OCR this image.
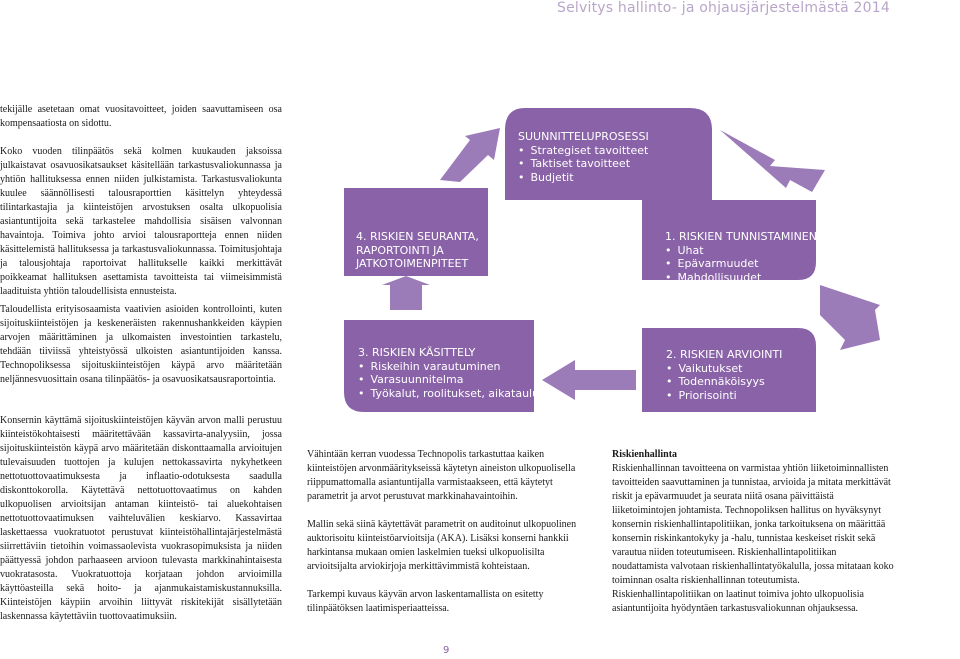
Selvitys hallinto- ja ohjausjärjestelmästä 2014

tekijälle asetetaan omat vuositavoitteet, joiden saavuttamiseen osa kompensaatiosta on sidottu.

Koko vuoden tilinpäätös sekä kolmen kuukauden jaksoissa julkaistavat osavuosikatsaukset käsitellään tarkastusvaliokunnassa ja yhtiön hallituksessa ennen niiden julkistamista. Tarkastusvaliokunta kuulee säännöllisesti talousraporttien käsittelyn yhteydessä tilintarkastajia ja kiinteistöjen arvostuksen osalta ulkopuolisia asiantuntijoita sekä tarkastelee mahdollisia sisäisen valvonnan havaintoja. Toimiva johto arvioi talousraportteja ennen niiden käsittelemistä hallituksessa ja tarkastusvaliokunnassa. Toimitusjohtaja ja talousjohtaja raportoivat hallitukselle kaikki merkittävät poikkeamat hallituksen asettamista tavoitteista tai viimeisimmistä laadituista yhtiön taloudellisista ennusteista.

Taloudellista erityisosaamista vaativien asioiden kontrollointi, kuten sijoituskiinteistöjen ja keskeneräisten rakennushankkeiden käypien arvojen määrittäminen ja ulkomaisten investointien tarkastelu, tehdään tiiviissä yhteistyössä ulkoisten asiantuntijoiden kanssa. Technopoliksessa sijoituskiinteistöjen käypä arvo määritetään neljännesvuosittain osana tilinpäätös- ja osavuosikatsausraportointia.

Konsernin käyttämä sijoituskiinteistöjen käyvän arvon malli perustuu kiinteistökohtaisesti määritettävään kassavirta-analyysiin, jossa sijoituskiinteistön käypä arvo määritetään diskonttaamalla arvioitujen tulevaisuuden tuottojen ja kulujen nettokassavirta nykyhetkeen nettotuottovaatimuksesta ja inflaatio-odotuksesta saadulla diskonttokorolla. Käytettävä nettotuottovaatimus on kahden ulkopuolisen arvioitsijan antaman kiinteistö- tai aluekohtaisen nettotuottovaatimuksen vaihteluvälien keskiarvo. Kassavirtaa laskettaessa vuokratuotot perustuvat kiinteistöhallintajärjestelmästä siirrettäviin tietoihin voimassaolevista vuokrasopimuksista ja niiden päättyessä johdon parhaaseen arvioon tulevasta markkinahintaisesta vuokratasosta. Vuokratuottoja korjataan johdon arvioimilla käyttöasteilla sekä hoito- ja ajanmukaistamiskustannuksilla. Kiinteistöjen käypiin arvoihin liittyvät riskitekijät sisällytetään laskennassa käytettäviin tuottovaatimuksiin.

SUUNNITTELUPROSESSI
• Strategiset tavoitteet
• Taktiset tavoitteet
• Budjetit
4. RISKIEN SEURANTA,
RAPORTOINTI JA
JATKOTOIMENPITEET
1. RISKIEN TUNNISTAMINEN
• Uhat
• Epävarmuudet
• Mahdollisuudet
3. RISKIEN KÄSITTELY
• Riskeihin varautuminen
• Varasuunnitelma
• Työkalut, roolitukset, aikataulut
2. RISKIEN ARVIOINTI
• Vaikutukset
• Todennäköisyys
• Priorisointi

Vähintään kerran vuodessa Technopolis tarkastuttaa kaiken kiinteistöjen arvonmääritykseissä käytetyn aineiston ulkopuolisella riippumattomalla asiantuntijalla varmistaakseen, että käytetyt parametrit ja arvot perustuvat markkinahavaintoihin.

Mallin sekä siinä käytettävät parametrit on auditoinut ulkopuolinen auktorisoitu kiinteistöarvioitsija (AKA). Lisäksi konserni hankkii harkintansa mukaan omien laskelmien tueksi ulkopuolisilta arvioitsijalta arviokirjoja merkittävimmistä kohteistaan.

Tarkempi kuvaus käyvän arvon laskentamallista on esitetty tilinpäätöksen laatimisperiaatteissa.

Riskienhallinta

Riskienhallinnan tavoitteena on varmistaa yhtiön liiketoiminnallisten tavoitteiden saavuttaminen ja tunnistaa, arvioida ja mitata merkittävät riskit ja epävarmuudet ja seurata niitä osana päivittäistä liiketoimintojen johtamista. Technopoliksen hallitus on hyväksynyt konsernin riskienhallintapolitiikan, jonka tarkoituksena on määrittää konsernin riskinkantokyky ja -halu, tunnistaa keskeiset riskit sekä varautua niiden toteutumiseen. Riskienhallintapolitiikan noudattamista valvotaan riskienhallintatyökalulla, jossa mitataan koko toiminnan osalta riskienhallinnan toteutumista. Riskienhallintapolitiikan on laatinut toimiva johto ulkopuolisia asiantuntijoita hyödyntäen tarkastusvaliokunnan ohjauksessa.

9
